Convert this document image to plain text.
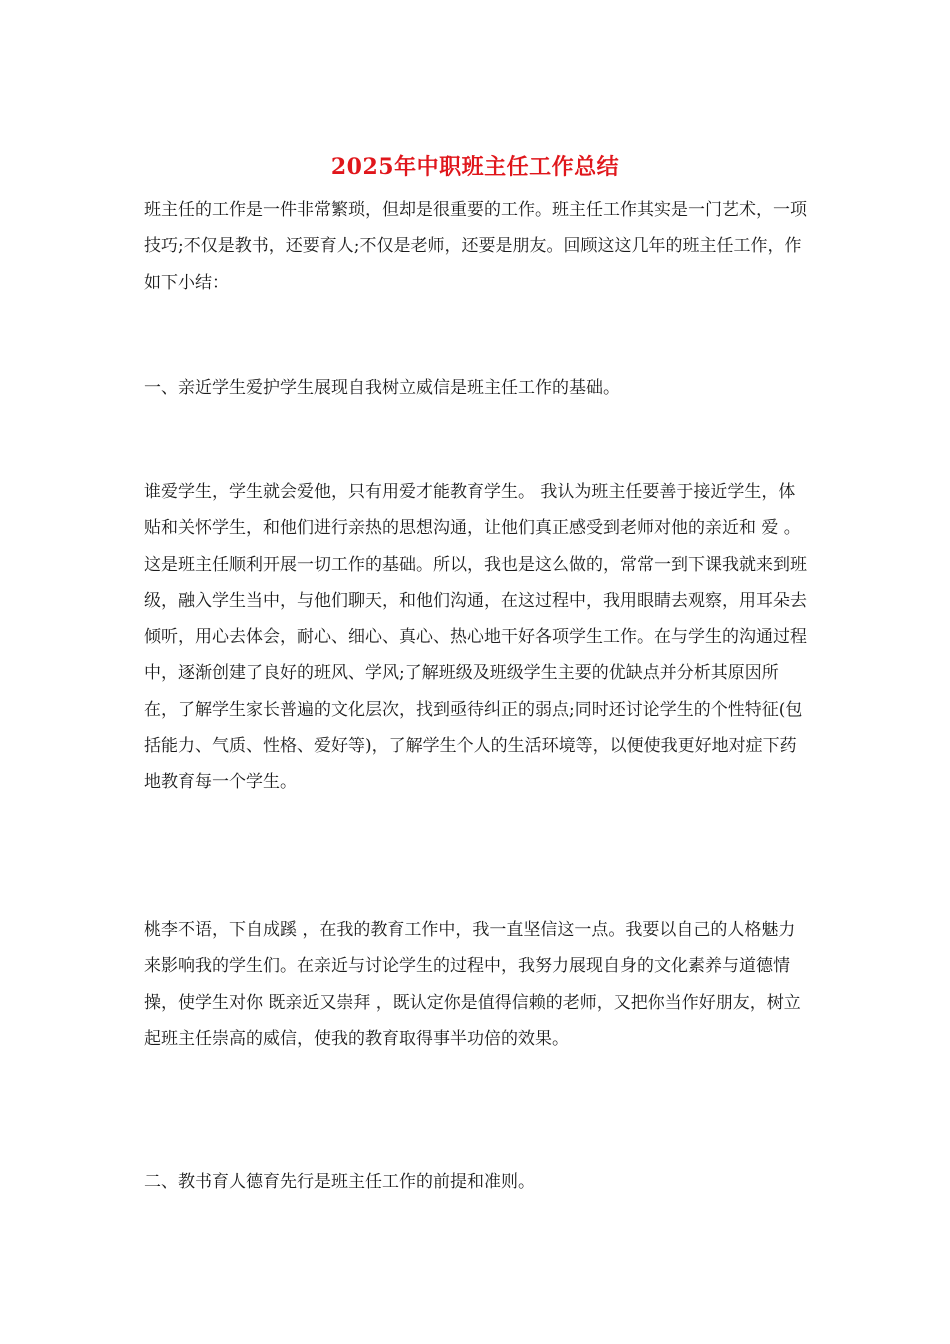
2025年中职班主任工作总结

班主任的工作是一件非常繁琐，但却是很重要的工作。班主任工作其实是一门艺术，一项技巧;不仅是教书，还要育人;不仅是老师，还要是朋友。回顾这这几年的班主任工作，作如下小结：

一、亲近学生爱护学生展现自我树立威信是班主任工作的基础。

谁爱学生，学生就会爱他，只有用爱才能教育学生。 我认为班主任要善于接近学生，体贴和关怀学生，和他们进行亲热的思想沟通，让他们真正感受到老师对他的亲近和 爱 。这是班主任顺利开展一切工作的基础。所以，我也是这么做的，常常一到下课我就来到班级，融入学生当中，与他们聊天，和他们沟通，在这过程中，我用眼睛去观察，用耳朵去倾听，用心去体会，耐心、细心、真心、热心地干好各项学生工作。在与学生的沟通过程中，逐渐创建了良好的班风、学风;了解班级及班级学生主要的优缺点并分析其原因所在，了解学生家长普遍的文化层次，找到亟待纠正的弱点;同时还讨论学生的个性特征(包括能力、气质、性格、爱好等)，了解学生个人的生活环境等，以便使我更好地对症下药地教育每一个学生。

桃李不语，下自成蹊 ，在我的教育工作中，我一直坚信这一点。我要以自己的人格魅力来影响我的学生们。在亲近与讨论学生的过程中，我努力展现自身的文化素养与道德情操，使学生对你 既亲近又崇拜 ，既认定你是值得信赖的老师，又把你当作好朋友，树立起班主任崇高的威信，使我的教育取得事半功倍的效果。

二、教书育人德育先行是班主任工作的前提和准则。
